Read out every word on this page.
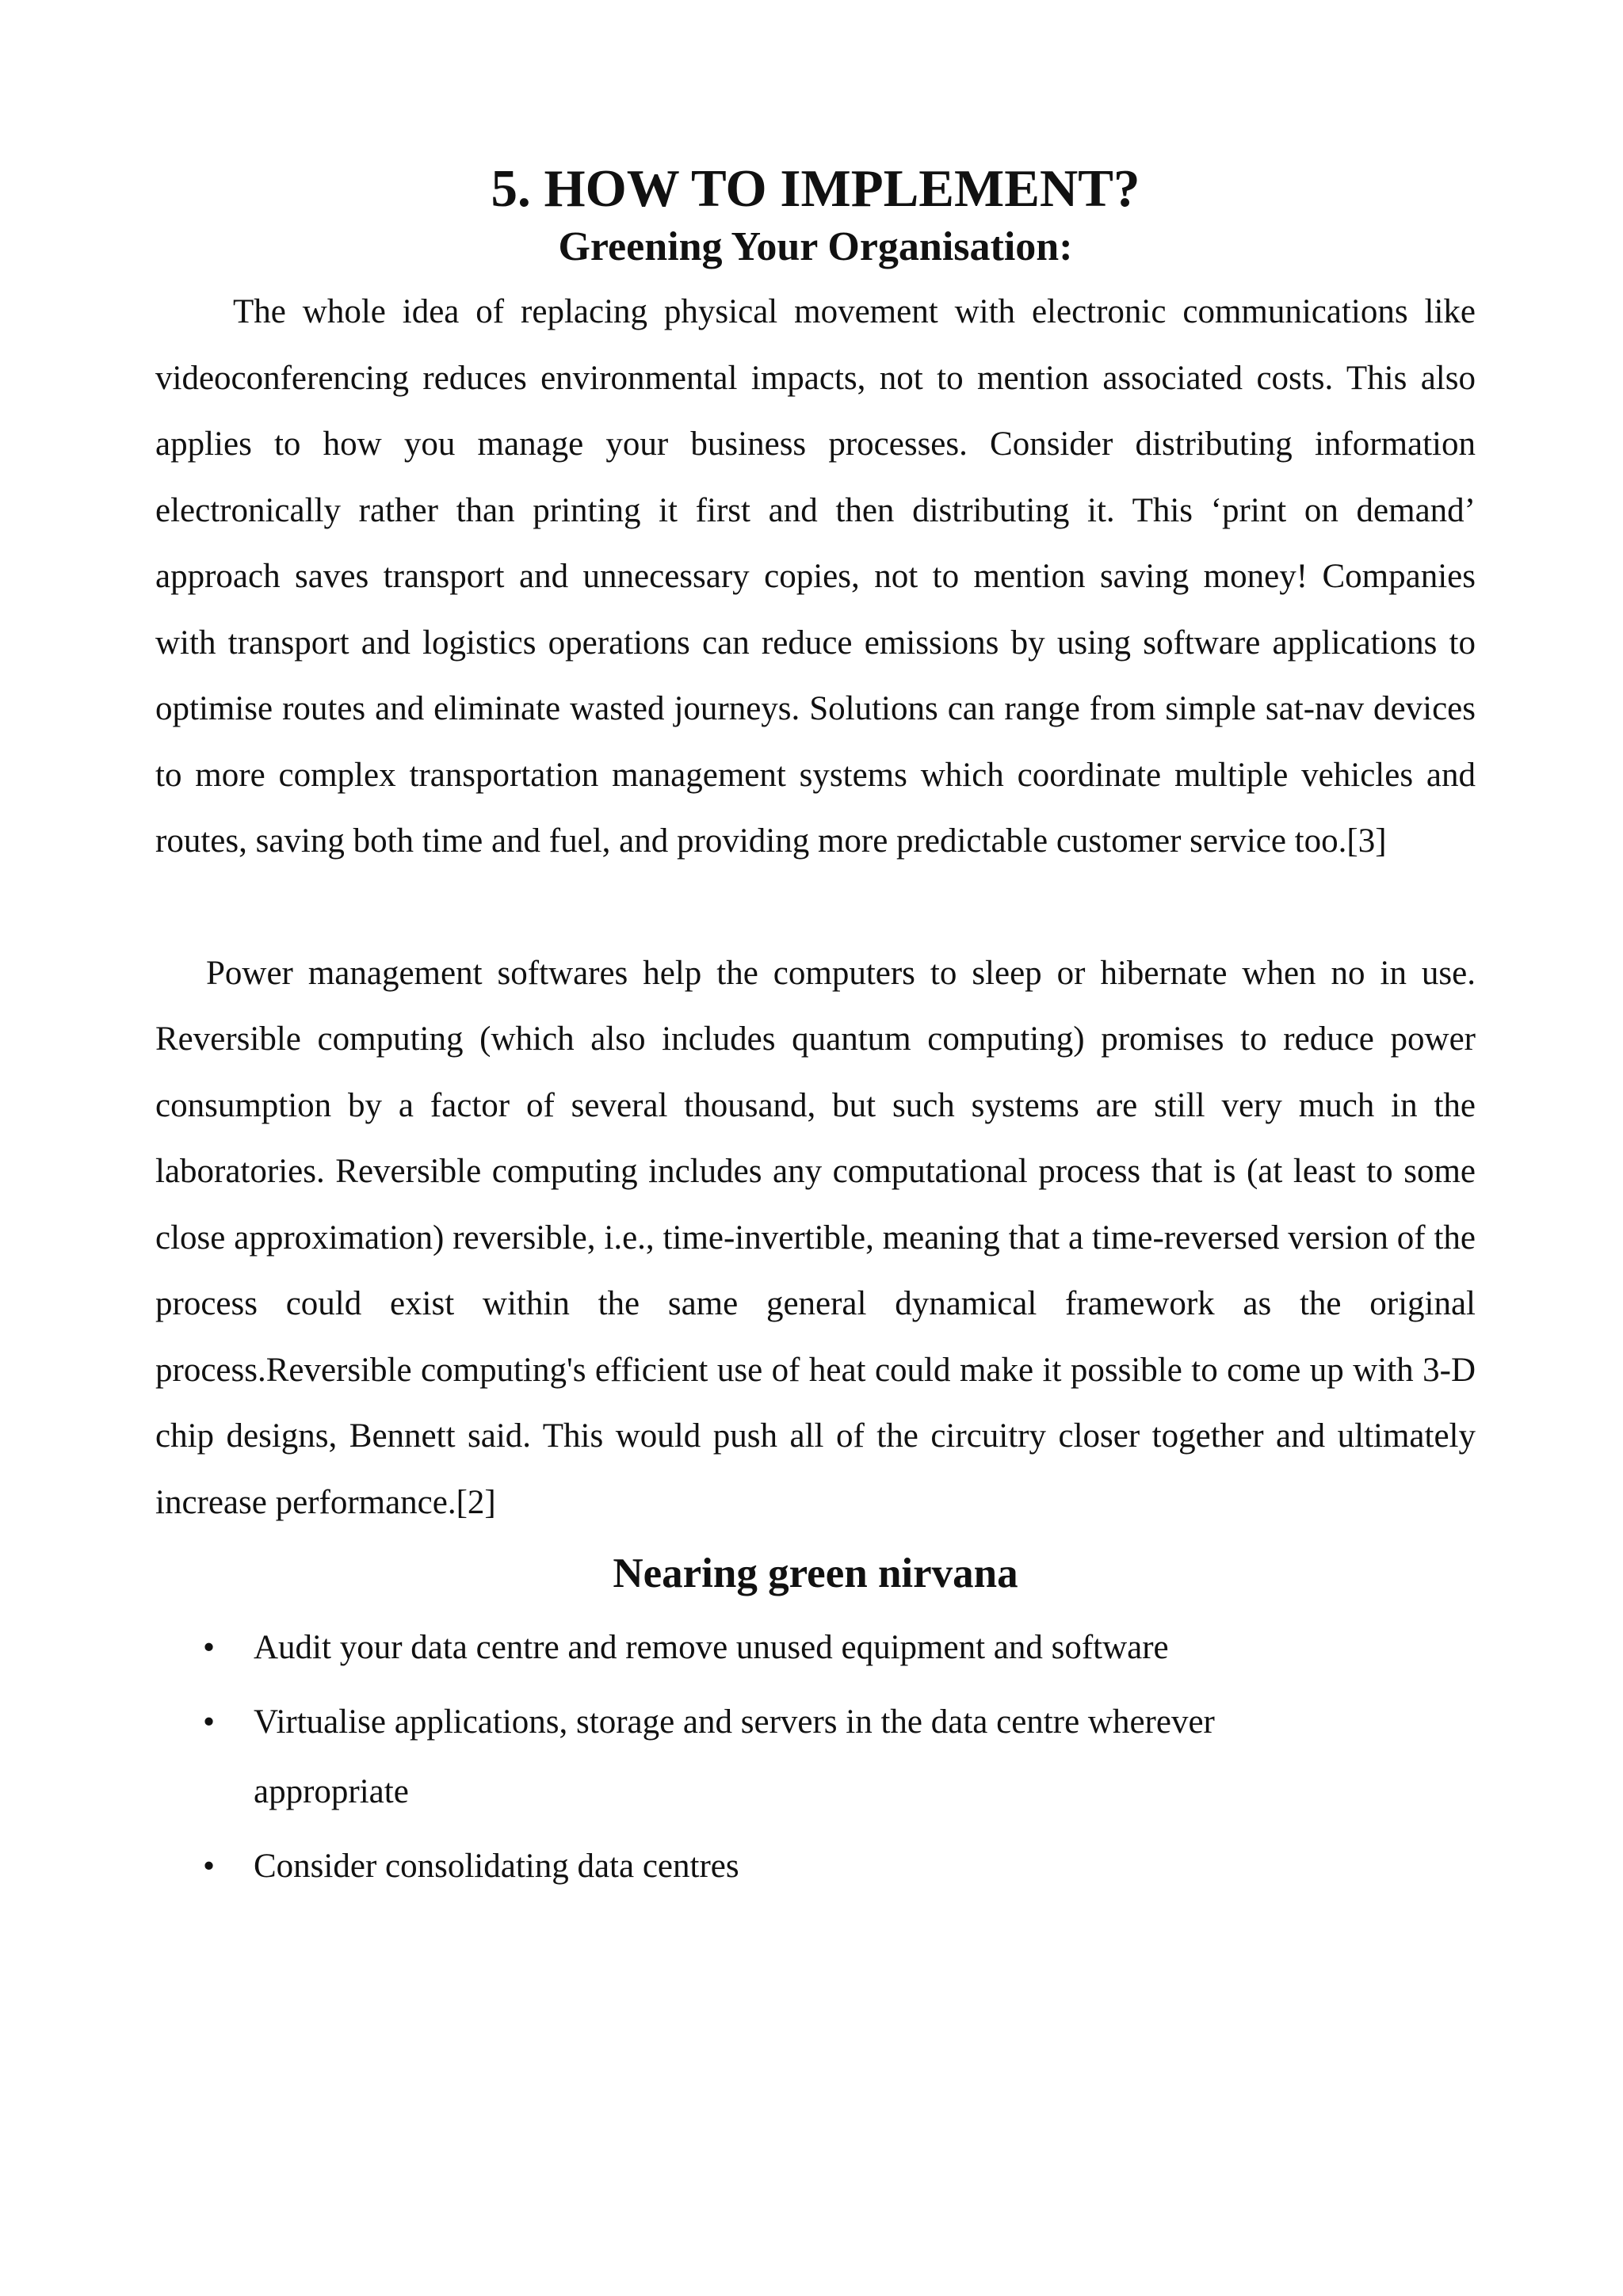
5. HOW TO IMPLEMENT?
Greening Your Organisation:

The whole idea of replacing physical movement with electronic communications like videoconferencing reduces environmental impacts, not to mention associated costs. This also applies to how you manage your business processes. Consider distributing information electronically rather than printing it first and then distributing it. This ‘print on demand’ approach saves transport and unnecessary copies, not to mention saving money! Companies with transport and logistics operations can reduce emissions by using software applications to optimise routes and eliminate wasted journeys. Solutions can range from simple sat-nav devices to more complex transportation management systems which coordinate multiple vehicles and routes, saving both time and fuel, and providing more predictable customer service too.[3]

Power management softwares help the computers to sleep or hibernate when no in use. Reversible computing (which also includes quantum computing) promises to reduce power consumption by a factor of several thousand, but such systems are still very much in the laboratories. Reversible computing includes any computational process that is (at least to some close approximation) reversible, i.e., time-invertible, meaning that a time-reversed version of the process could exist within the same general dynamical framework as the original process.Reversible computing's efficient use of heat could make it possible to come up with 3-D chip designs, Bennett said. This would push all of the circuitry closer together and ultimately increase performance.[2]

Nearing green nirvana
• Audit your data centre and remove unused equipment and software
• Virtualise applications, storage and servers in the data centre wherever appropriate
• Consider consolidating data centres
